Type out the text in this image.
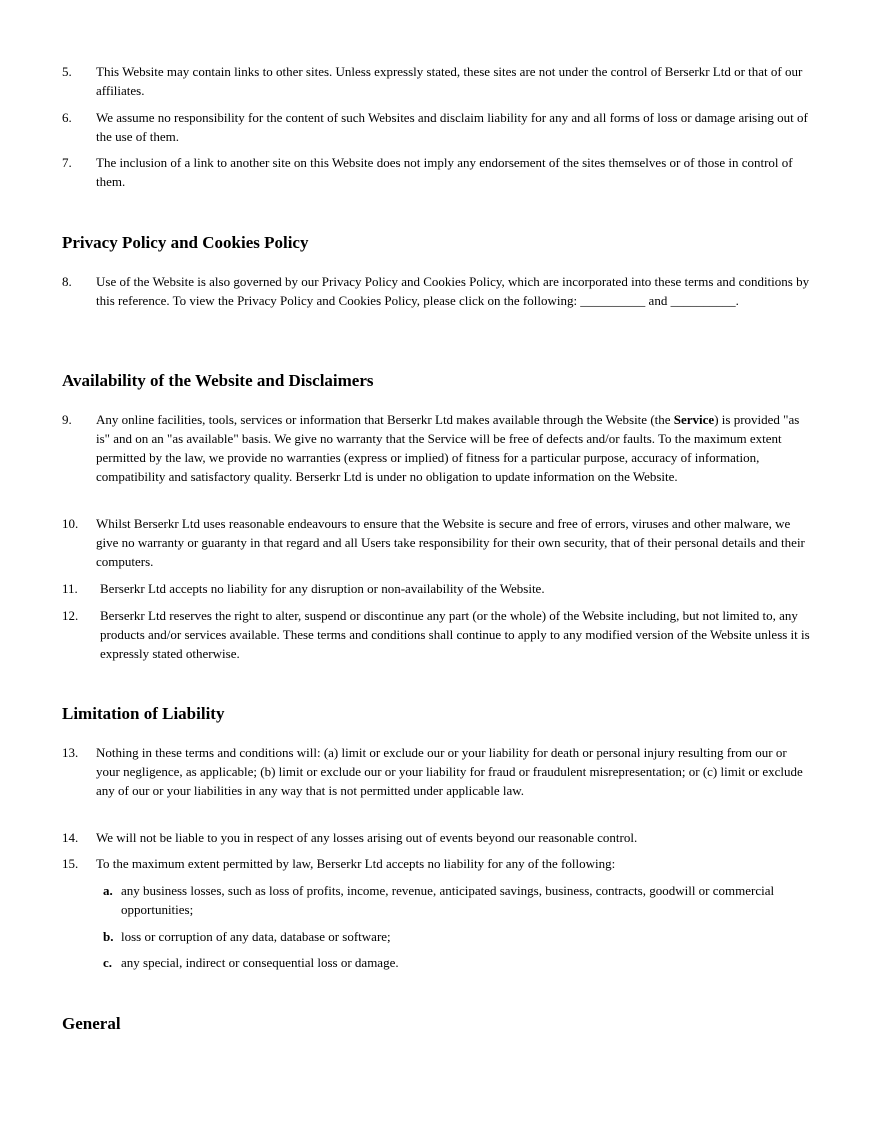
5.	This Website may contain links to other sites. Unless expressly stated, these sites are not under the control of Berserkr Ltd or that of our affiliates.
6.	We assume no responsibility for the content of such Websites and disclaim liability for any and all forms of loss or damage arising out of the use of them.
7.	The inclusion of a link to another site on this Website does not imply any endorsement of the sites themselves or of those in control of them.
Privacy Policy and Cookies Policy
8.	Use of the Website is also governed by our Privacy Policy and Cookies Policy, which are incorporated into these terms and conditions by this reference. To view the Privacy Policy and Cookies Policy, please click on the following: __________ and __________.
Availability of the Website and Disclaimers
9.	Any online facilities, tools, services or information that Berserkr Ltd makes available through the Website (the Service) is provided "as is" and on an "as available" basis. We give no warranty that the Service will be free of defects and/or faults. To the maximum extent permitted by the law, we provide no warranties (express or implied) of fitness for a particular purpose, accuracy of information, compatibility and satisfactory quality. Berserkr Ltd is under no obligation to update information on the Website.
10.	Whilst Berserkr Ltd uses reasonable endeavours to ensure that the Website is secure and free of errors, viruses and other malware, we give no warranty or guaranty in that regard and all Users take responsibility for their own security, that of their personal details and their computers.
11.	Berserkr Ltd accepts no liability for any disruption or non-availability of the Website.
12.	Berserkr Ltd reserves the right to alter, suspend or discontinue any part (or the whole) of the Website including, but not limited to, any products and/or services available. These terms and conditions shall continue to apply to any modified version of the Website unless it is expressly stated otherwise.
Limitation of Liability
13.	Nothing in these terms and conditions will: (a) limit or exclude our or your liability for death or personal injury resulting from our or your negligence, as applicable; (b) limit or exclude our or your liability for fraud or fraudulent misrepresentation; or (c) limit or exclude any of our or your liabilities in any way that is not permitted under applicable law.
14.	We will not be liable to you in respect of any losses arising out of events beyond our reasonable control.
15.	To the maximum extent permitted by law, Berserkr Ltd accepts no liability for any of the following:
a. any business losses, such as loss of profits, income, revenue, anticipated savings, business, contracts, goodwill or commercial opportunities;
b. loss or corruption of any data, database or software;
c. any special, indirect or consequential loss or damage.
General
